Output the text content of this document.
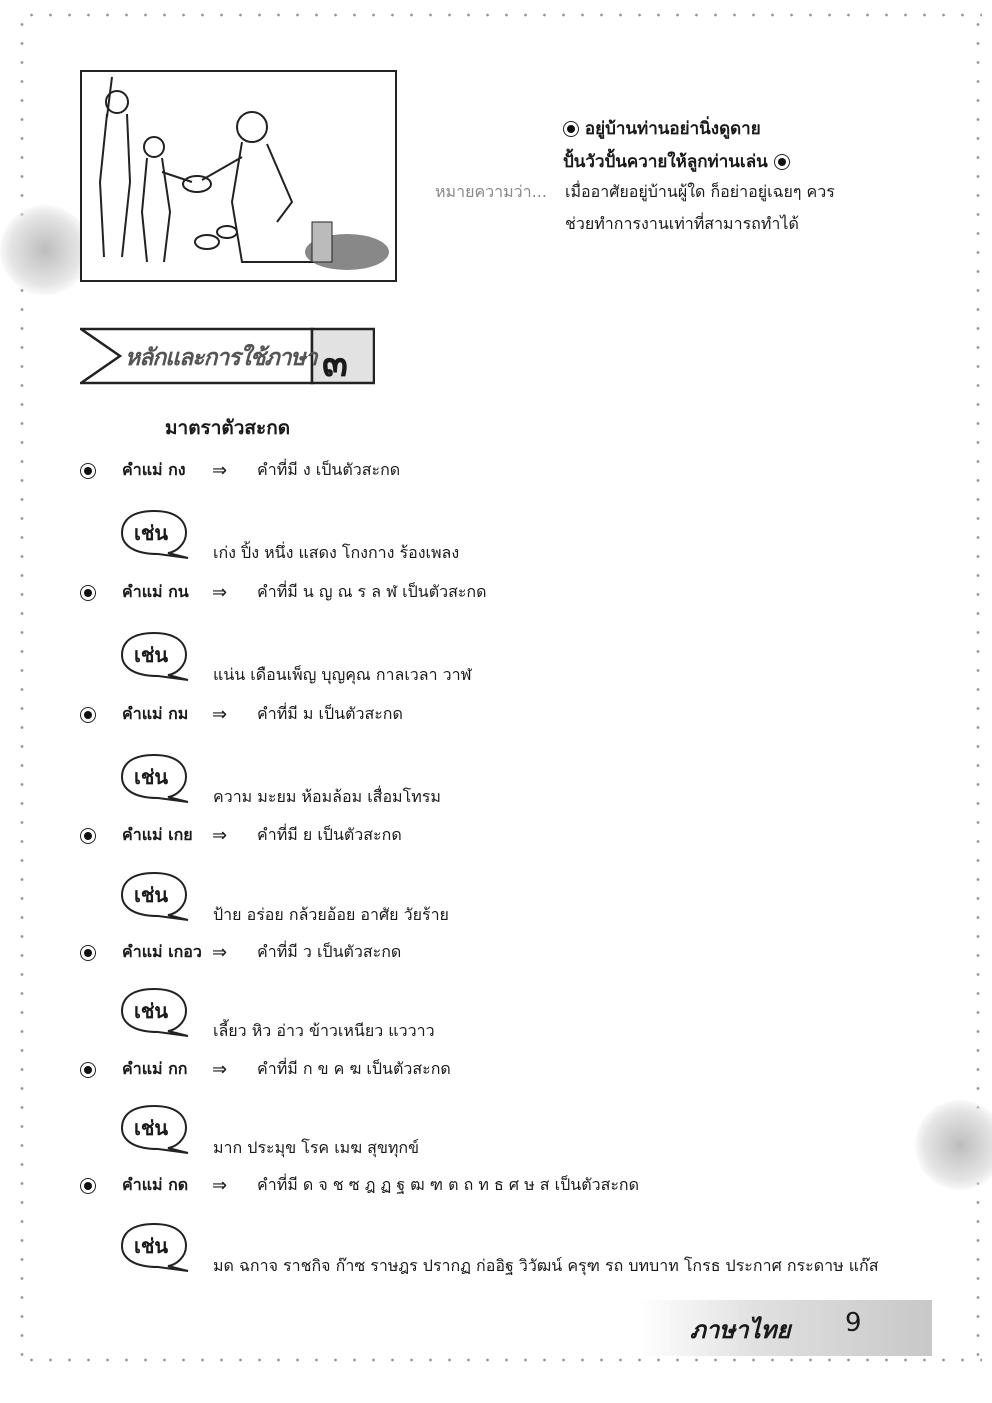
อยู่บ้านท่านอย่านิ่งดูดาย
ปั้นวัวปั้นควายให้ลูกท่านเล่น
หมายความว่า... เมื่ออาศัยอยู่บ้านผู้ใด ก็อย่าอยู่เฉยๆ ควร
ช่วยทำการงานเท่าที่สามารถทำได้
หลักและการใช้ภาษา ๓
มาตราตัวสะกด
คำแม่ กง	⇒	คำที่มี ง เป็นตัวสะกด
เช่น
เก่ง ปิ้ง หนึ่ง แสดง โกงกาง ร้องเพลง
คำแม่ กน	⇒	คำที่มี น ญ ณ ร ล ฬ เป็นตัวสะกด
เช่น
แน่น เดือนเพ็ญ บุญคุณ กาลเวลา วาฬ
คำแม่ กม	⇒	คำที่มี ม เป็นตัวสะกด
เช่น
ความ มะยม ห้อมล้อม เสื่อมโทรม
คำแม่ เกย	⇒	คำที่มี ย เป็นตัวสะกด
เช่น
ป้าย อร่อย กล้วยอ้อย อาศัย วัยร้าย
คำแม่ เกอว ⇒	คำที่มี ว เป็นตัวสะกด
เช่น
เลี้ยว หิว อ่าว ข้าวเหนียว แววาว
คำแม่ กก	⇒	คำที่มี ก ข ค ฆ เป็นตัวสะกด
เช่น
มาก ประมุข โรค เมฆ สุขทุกข์
คำแม่ กด	⇒	คำที่มี ด จ ช ซ ฎ ฏ ฐ ฒ ฑ ต ถ ท ธ ศ ษ ส เป็นตัวสะกด
เช่น
มด ฉกาจ ราชกิจ ก๊าซ ราษฎร ปรากฏ ก่ออิฐ วิวัฒน์ ครุฑ รถ บทบาท โกรธ ประกาศ กระดาษ แก๊ส
ภาษาไทย 9
